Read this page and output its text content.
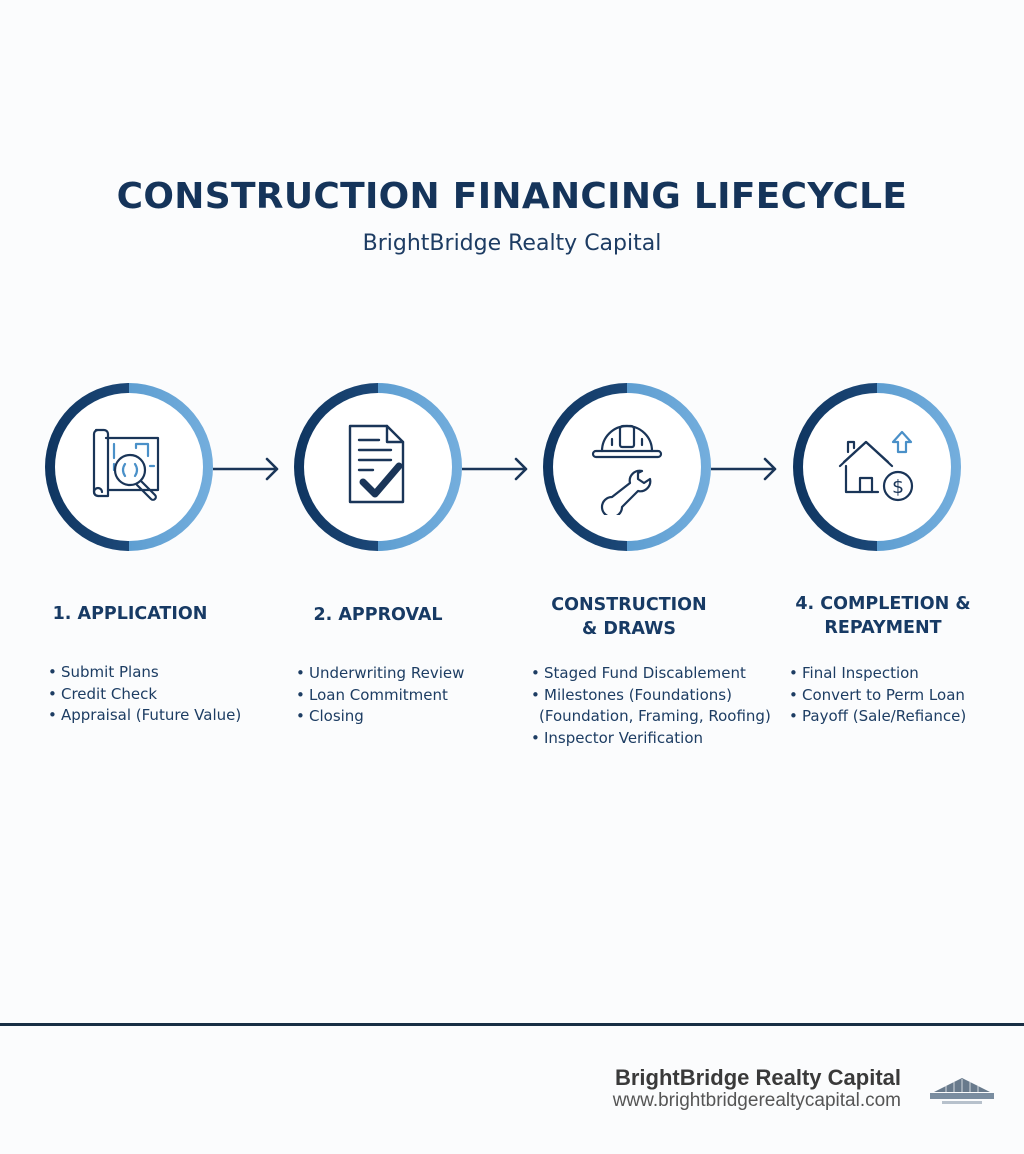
CONSTRUCTION FINANCING LIFECYCLE
BrightBridge Realty Capital
$
1. APPLICATION	2. APPROVAL	CONSTRUCTION
& DRAWS
4. COMPLETION &
REPAYMENT
• Submit Plans
• Credit Check
• Appraisal (Future Value)
• Underwriting Review
• Loan Commitment
• Closing
• Staged Fund Discablement
• Milestones (Foundations)
(Foundation, Framing, Roofing)
• Inspector Verification
• Final Inspection
• Convert to Perm Loan
• Payoff (Sale/Refiance)
BrightBridge Realty Capital
www.brightbridgerealtycapital.com
